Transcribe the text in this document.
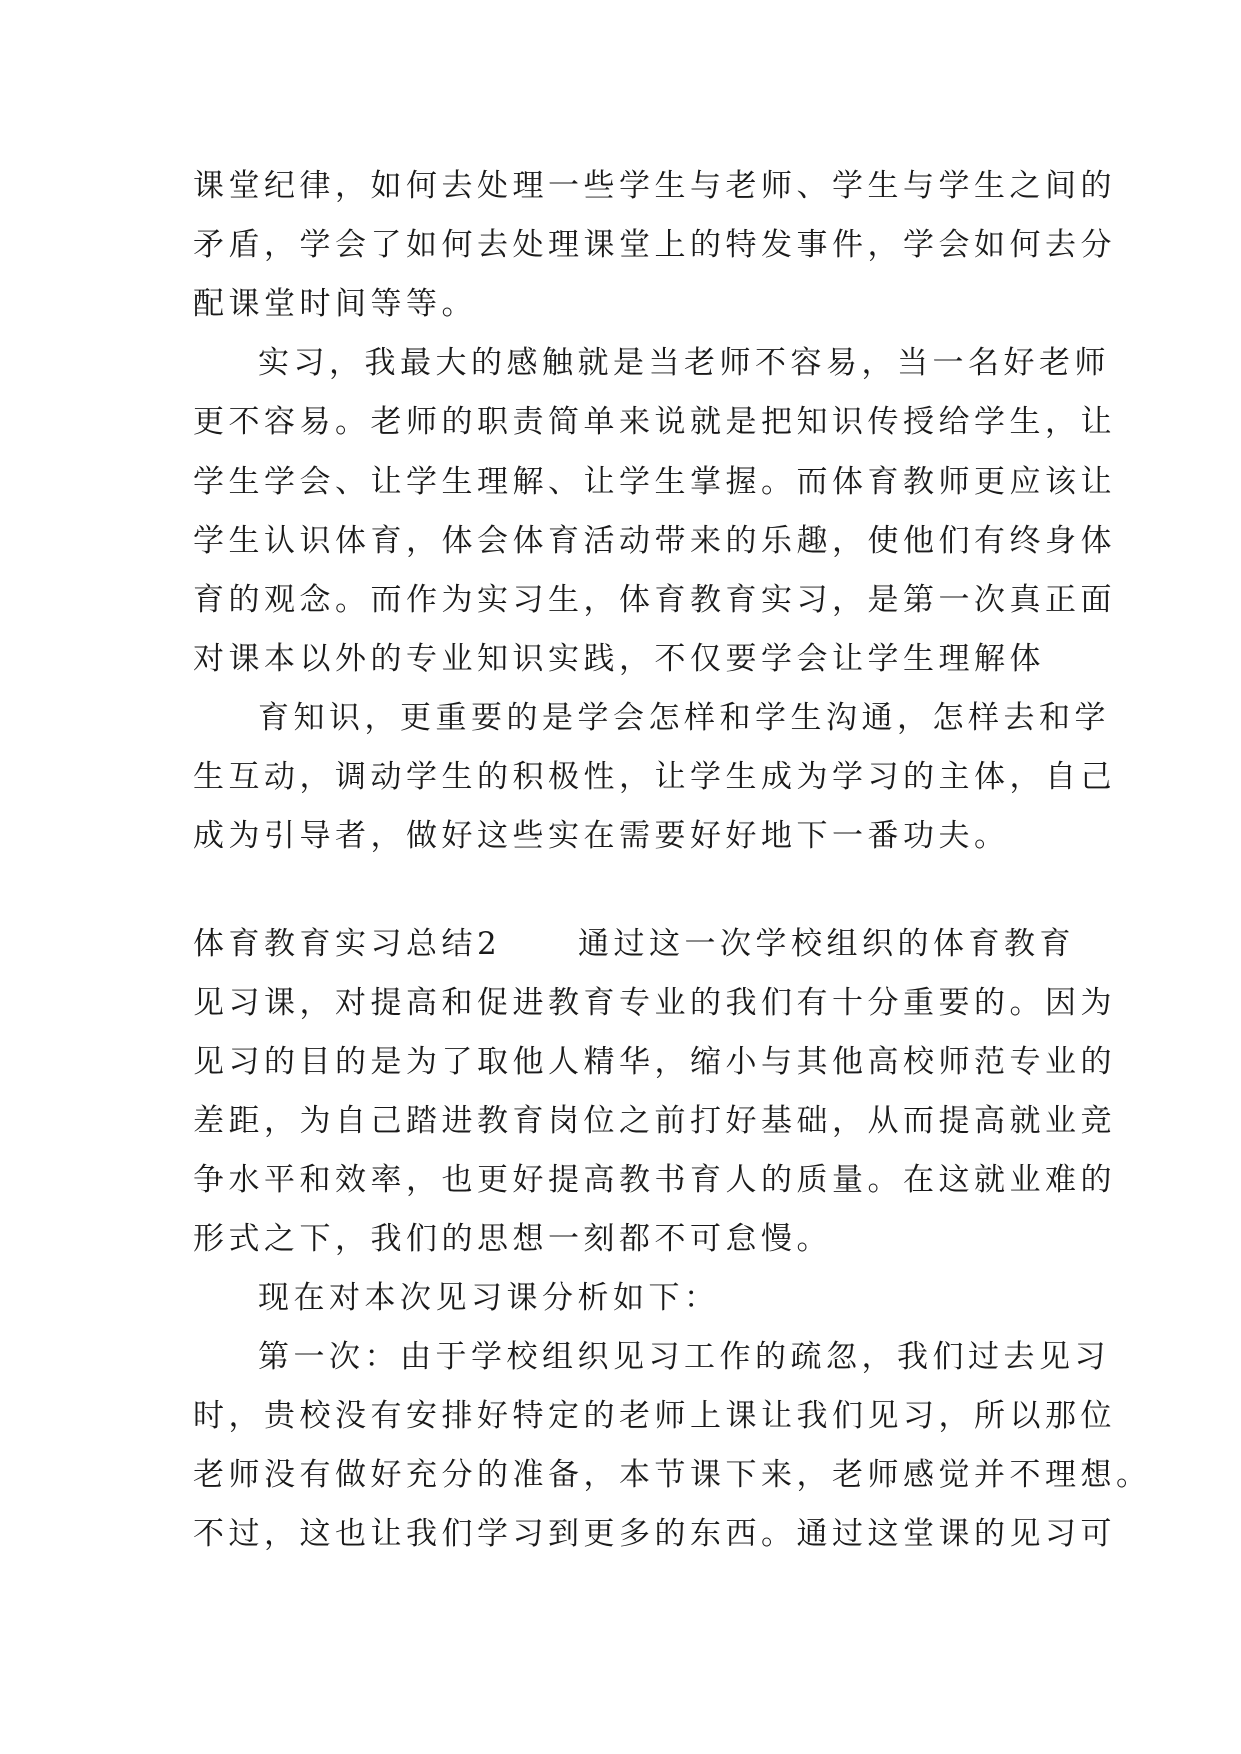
课堂纪律，如何去处理一些学生与老师、学生与学生之间的
矛盾，学会了如何去处理课堂上的特发事件，学会如何去分
配课堂时间等等。
实习，我最大的感触就是当老师不容易，当一名好老师
更不容易。老师的职责简单来说就是把知识传授给学生，让
学生学会、让学生理解、让学生掌握。而体育教师更应该让
学生认识体育，体会体育活动带来的乐趣，使他们有终身体
育的观念。而作为实习生，体育教育实习，是第一次真正面
对课本以外的专业知识实践，不仅要学会让学生理解体
育知识，更重要的是学会怎样和学生沟通，怎样去和学
生互动，调动学生的积极性，让学生成为学习的主体，自己
成为引导者，做好这些实在需要好好地下一番功夫。
体育教育实习总结2	通过这一次学校组织的体育教育
见习课，对提高和促进教育专业的我们有十分重要的。因为
见习的目的是为了取他人精华，缩小与其他高校师范专业的
差距，为自己踏进教育岗位之前打好基础，从而提高就业竞
争水平和效率，也更好提高教书育人的质量。在这就业难的
形式之下，我们的思想一刻都不可怠慢。
现在对本次见习课分析如下：
第一次：由于学校组织见习工作的疏忽，我们过去见习
时，贵校没有安排好特定的老师上课让我们见习，所以那位
老师没有做好充分的准备，本节课下来，老师感觉并不理想。
不过，这也让我们学习到更多的东西。通过这堂课的见习可
